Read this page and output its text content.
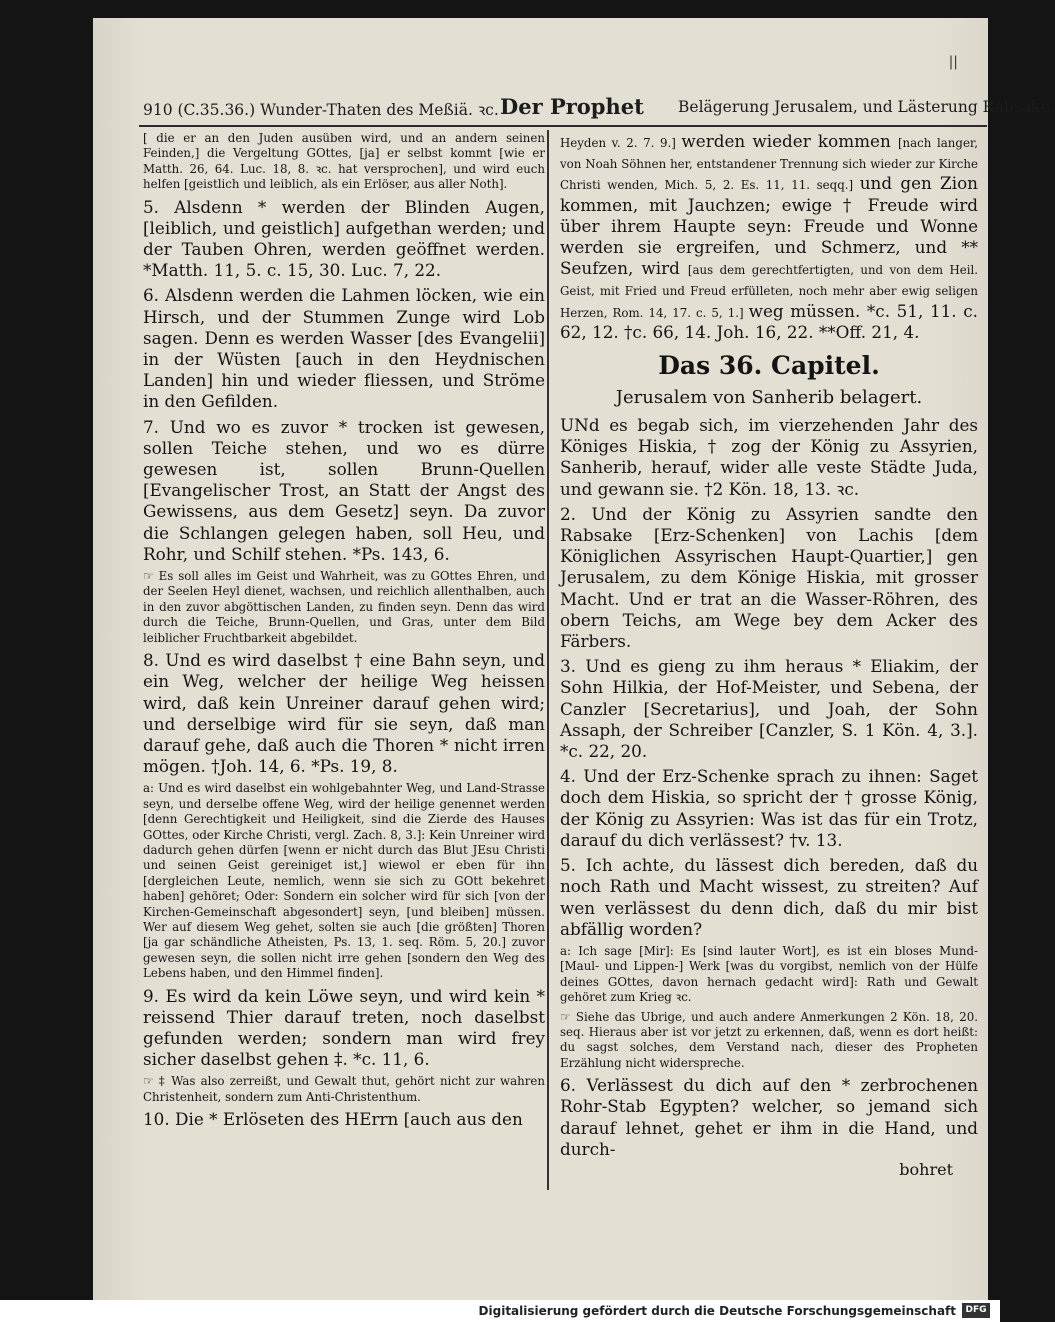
||
910 (C.35.36.) Wunder-Thaten des Meßiä. ꝛc. Der Prophet Belägerung Jerusalem, und Lästerung Rabsake.

[ die er an den Juden ausüben wird, und an andern seinen Feinden,] die Vergeltung GOttes, [ja] er selbst kommt [wie er Matth. 26, 64. Luc. 18, 8. ꝛc. hat versprochen], und wird euch helfen [geistlich und leiblich, als ein Erlöser, aus aller Noth].

5. Alsdenn * werden der Blinden Augen, [leiblich, und geistlich] aufgethan werden; und der Tauben Ohren, werden geöffnet werden. *Matth. 11, 5. c. 15, 30. Luc. 7, 22.

6. Alsdenn werden die Lahmen löcken, wie ein Hirsch, und der Stummen Zunge wird Lob sagen. Denn es werden Wasser [des Evangelii] in der Wüsten [auch in den Heydnischen Landen] hin und wieder fliessen, und Ströme in den Gefilden.

7. Und wo es zuvor * trocken ist gewesen, sollen Teiche stehen, und wo es dürre gewesen ist, sollen Brunn-Quellen [Evangelischer Trost, an Statt der Angst des Gewissens, aus dem Gesetz] seyn. Da zuvor die Schlangen gelegen haben, soll Heu, und Rohr, und Schilf stehen. *Ps. 143, 6.

☞ Es soll alles im Geist und Wahrheit, was zu GOttes Ehren, und der Seelen Heyl dienet, wachsen, und reichlich allenthalben, auch in den zuvor abgöttischen Landen, zu finden seyn. Denn das wird durch die Teiche, Brunn-Quellen, und Gras, unter dem Bild leiblicher Fruchtbarkeit abgebildet.

8. Und es wird daselbst † eine Bahn seyn, und ein Weg, welcher der heilige Weg heissen wird, daß kein Unreiner darauf gehen wird; und derselbige wird für sie seyn, daß man darauf gehe, daß auch die Thoren * nicht irren mögen. †Joh. 14, 6. *Ps. 19, 8.

a: Und es wird daselbst ein wohlgebahnter Weg, und Land-Strasse seyn, und derselbe offene Weg, wird der heilige genennet werden [denn Gerechtigkeit und Heiligkeit, sind die Zierde des Hauses GOttes, oder Kirche Christi, vergl. Zach. 8, 3.]: Kein Unreiner wird dadurch gehen dürfen [wenn er nicht durch das Blut JEsu Christi und seinen Geist gereiniget ist,] wiewol er eben für ihn [dergleichen Leute, nemlich, wenn sie sich zu GOtt bekehret haben] gehöret; Oder: Sondern ein solcher wird für sich [von der Kirchen-Gemeinschaft abgesondert] seyn, [und bleiben] müssen. Wer auf diesem Weg gehet, solten sie auch [die größten] Thoren [ja gar schändliche Atheisten, Ps. 13, 1. seq. Röm. 5, 20.] zuvor gewesen seyn, die sollen nicht irre gehen [sondern den Weg des Lebens haben, und den Himmel finden].

9. Es wird da kein Löwe seyn, und wird kein * reissend Thier darauf treten, noch daselbst gefunden werden; sondern man wird frey sicher daselbst gehen ‡. *c. 11, 6.

☞ ‡ Was also zerreißt, und Gewalt thut, gehört nicht zur wahren Christenheit, sondern zum Anti-Christenthum.

10. Die * Erlöseten des HErrn [auch aus den

Heyden v. 2. 7. 9.] werden wieder kommen [nach langer, von Noah Söhnen her, entstandener Trennung sich wieder zur Kirche Christi wenden, Mich. 5, 2. Es. 11, 11. seqq.] und gen Zion kommen, mit Jauchzen; ewige † Freude wird über ihrem Haupte seyn: Freude und Wonne werden sie ergreifen, und Schmerz, und ** Seufzen, wird [aus dem gerechtfertigten, und von dem Heil. Geist, mit Fried und Freud erfülleten, noch mehr aber ewig seligen Herzen, Rom. 14, 17. c. 5, 1.] weg müssen. *c. 51, 11. c. 62, 12. †c. 66, 14. Joh. 16, 22. **Off. 21, 4.

Das 36. Capitel.
Jerusalem von Sanherib belagert.

UNd es begab sich, im vierzehenden Jahr des Königes Hiskia, † zog der König zu Assyrien, Sanherib, herauf, wider alle veste Städte Juda, und gewann sie. †2 Kön. 18, 13. ꝛc.

2. Und der König zu Assyrien sandte den Rabsake [Erz-Schenken] von Lachis [dem Königlichen Assyrischen Haupt-Quartier,] gen Jerusalem, zu dem Könige Hiskia, mit grosser Macht. Und er trat an die Wasser-Röhren, des obern Teichs, am Wege bey dem Acker des Färbers.

3. Und es gieng zu ihm heraus * Eliakim, der Sohn Hilkia, der Hof-Meister, und Sebena, der Canzler [Secretarius], und Joah, der Sohn Assaph, der Schreiber [Canzler, S. 1 Kön. 4, 3.]. *c. 22, 20.

4. Und der Erz-Schenke sprach zu ihnen: Saget doch dem Hiskia, so spricht der † grosse König, der König zu Assyrien: Was ist das für ein Trotz, darauf du dich verlässest? †v. 13.

5. Ich achte, du lässest dich bereden, daß du noch Rath und Macht wissest, zu streiten? Auf wen verlässest du denn dich, daß du mir bist abfällig worden?

a: Ich sage [Mir]: Es [sind lauter Wort], es ist ein bloses Mund- [Maul- und Lippen-] Werk [was du vorgibst, nemlich von der Hülfe deines GOttes, davon hernach gedacht wird]: Rath und Gewalt gehöret zum Krieg ꝛc.

☞ Siehe das Ubrige, und auch andere Anmerkungen 2 Kön. 18, 20. seq. Hieraus aber ist vor jetzt zu erkennen, daß, wenn es dort heißt: du sagst solches, dem Verstand nach, dieser des Propheten Erzählung nicht widerspreche.

6. Verlässest du dich auf den * zerbrochenen Rohr-Stab Egypten? welcher, so jemand sich darauf lehnet, gehet er ihm in die Hand, und durch-

bohret
Digitalisierung gefördert durch die Deutsche Forschungsgemeinschaft	DFG
